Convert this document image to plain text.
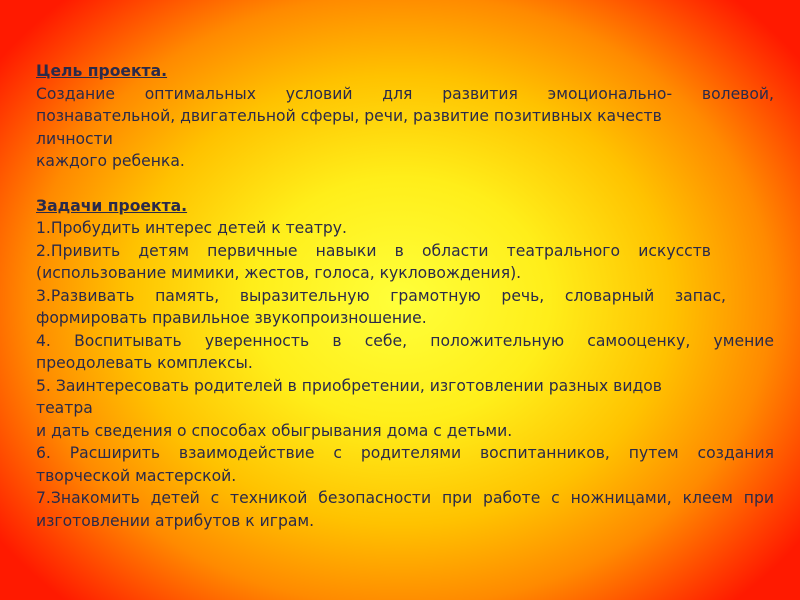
Цель проекта.

Создание оптимальных условий для развития эмоционально- волевой,

познавательной, двигательной сферы, речи, развитие позитивных качеств

личности

каждого ребенка.

Задачи проекта.

1.Пробудить интерес детей к театру.

2.Привить детям первичные навыки в области театрального искусств

(использование мимики, жестов, голоса, кукловождения).

3.Развивать память, выразительную грамотную речь, словарный запас,

формировать правильное звукопроизношение.

4. Воспитывать уверенность в себе, положительную самооценку, умение

преодолевать комплексы.

5. Заинтересовать родителей в приобретении, изготовлении разных видов

театра

и дать сведения о способах обыгрывания дома с детьми.

6. Расширить взаимодействие с родителями воспитанников, путем создания

творческой мастерской.

7.Знакомить детей с техникой безопасности при работе с ножницами, клеем при

изготовлении атрибутов к играм.
